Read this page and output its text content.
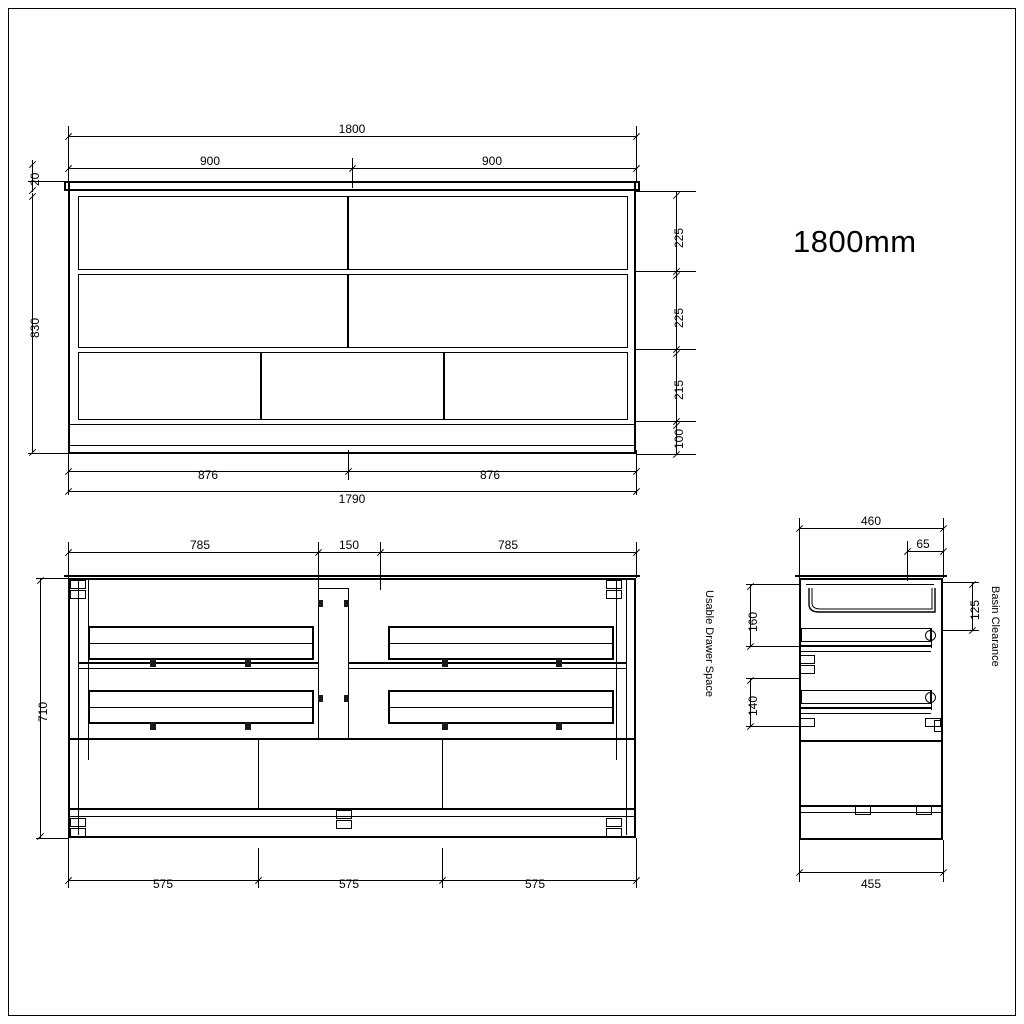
1800mm
1800
900	900
20
830
225
225
215
100
876	876
1790
785	150	785
710
575	575	575
460
65
Usable Drawer Space	160
140
Basin Clearance
125
455
